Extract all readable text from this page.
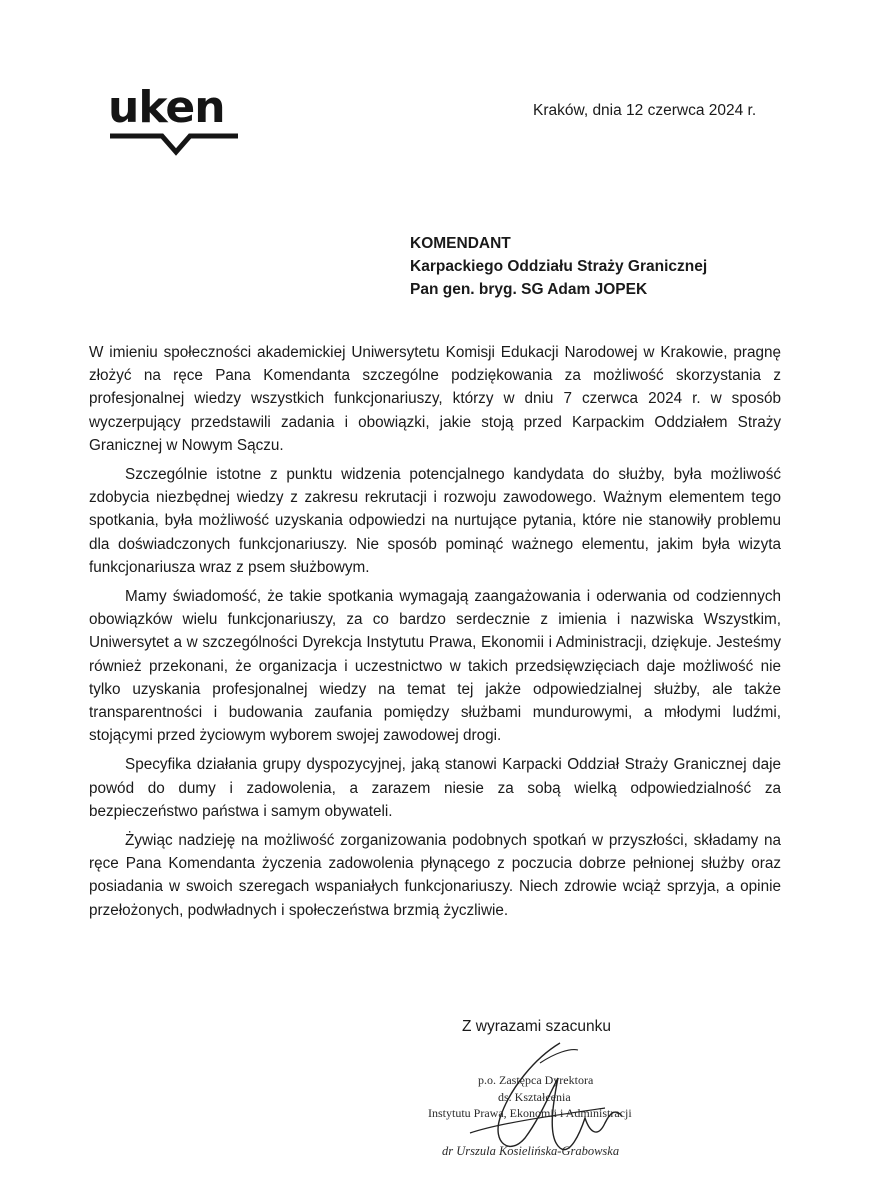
uken	Kraków, dnia 12 czerwca 2024 r.
KOMENDANT
Karpackiego Oddziału Straży Granicznej
Pan gen. bryg. SG Adam JOPEK

W imieniu społeczności akademickiej Uniwersytetu Komisji Edukacji Narodowej w Krakowie, pragnę złożyć na ręce Pana Komendanta szczególne podziękowania za możliwość skorzystania z profesjonalnej wiedzy wszystkich funkcjonariuszy, którzy w dniu 7 czerwca 2024 r. w sposób wyczerpujący przedstawili zadania i obowiązki, jakie stoją przed Karpackim Oddziałem Straży Granicznej w Nowym Sączu.

Szczególnie istotne z punktu widzenia potencjalnego kandydata do służby, była możliwość zdobycia niezbędnej wiedzy z zakresu rekrutacji i rozwoju zawodowego. Ważnym elementem tego spotkania, była możliwość uzyskania odpowiedzi na nurtujące pytania, które nie stanowiły problemu dla doświadczonych funkcjonariuszy. Nie sposób pominąć ważnego elementu, jakim była wizyta funkcjonariusza wraz z psem służbowym.

Mamy świadomość, że takie spotkania wymagają zaangażowania i oderwania od codziennych obowiązków wielu funkcjonariuszy, za co bardzo serdecznie z imienia i nazwiska Wszystkim, Uniwersytet a w szczególności Dyrekcja Instytutu Prawa, Ekonomii i Administracji, dziękuje. Jesteśmy również przekonani, że organizacja i uczestnictwo w takich przedsięwzięciach daje możliwość nie tylko uzyskania profesjonalnej wiedzy na temat tej jakże odpowiedzialnej służby, ale także transparentności i budowania zaufania pomiędzy służbami mundurowymi, a młodymi ludźmi, stojącymi przed życiowym wyborem swojej zawodowej drogi.

Specyfika działania grupy dyspozycyjnej, jaką stanowi Karpacki Oddział Straży Granicznej daje powód do dumy i zadowolenia, a zarazem niesie za sobą wielką odpowiedzialność za bezpieczeństwo państwa i samym obywateli.

Żywiąc nadzieję na możliwość zorganizowania podobnych spotkań w przyszłości, składamy na ręce Pana Komendanta życzenia zadowolenia płynącego z poczucia dobrze pełnionej służby oraz posiadania w swoich szeregach wspaniałych funkcjonariuszy. Niech zdrowie wciąż sprzyja, a opinie przełożonych, podwładnych i społeczeństwa brzmią życzliwie.

Z wyrazami szacunku
p.o. Zastępca Dyrektora
ds. Kształcenia
Instytutu Prawa, Ekonomii i Administracji
dr Urszula Kosielińska-Grabowska
